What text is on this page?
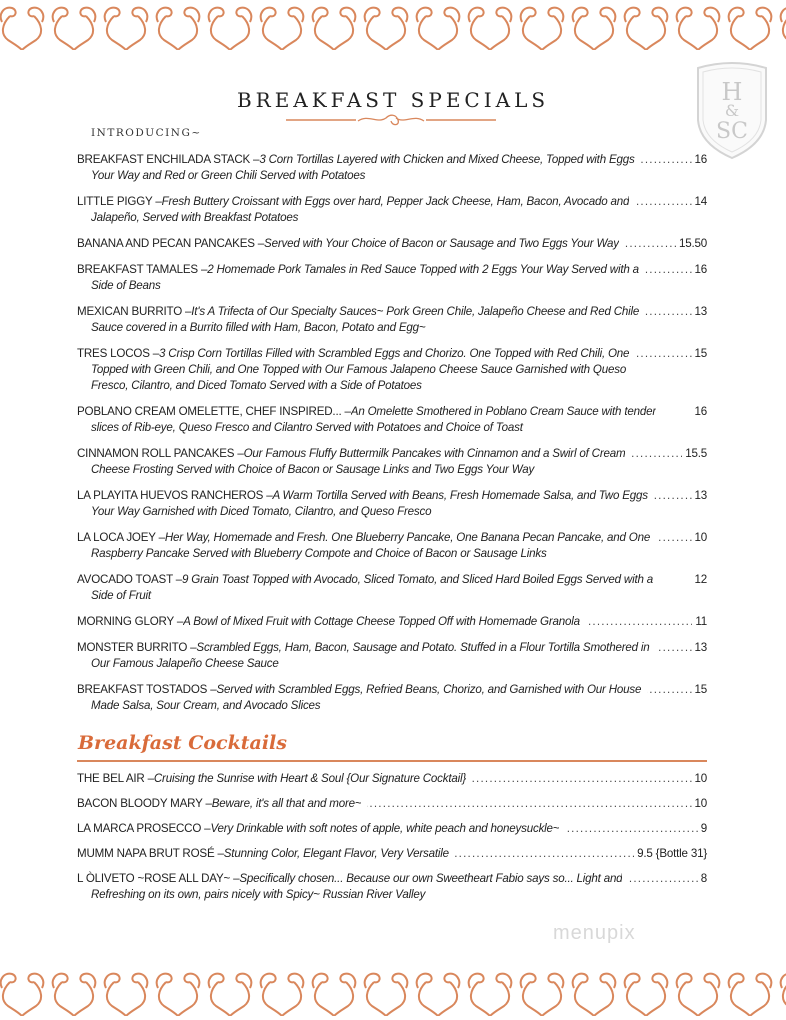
BREAKFAST SPECIALS
INTRODUCING~
H
&
SC
BREAKFAST ENCHILADA STACK – 3 Corn Tortillas Layered with Chicken and Mixed Cheese, Topped with Eggs . . .	16
Your Way and Red or Green Chili Served with Potatoes
LITTLE PIGGY – Fresh Buttery Croissant with Eggs over hard, Pepper Jack Cheese, Ham, Bacon, Avocado and . . .	14
Jalapeño, Served with Breakfast Potatoes
BANANA AND PECAN PANCAKES – Served with Your Choice of Bacon or Sausage and Two Eggs Your Way . . .	15.50
BREAKFAST TAMALES – 2 Homemade Pork Tamales in Red Sauce Topped with 2 Eggs Your Way Served with a . . .	16
Side of Beans
MEXICAN BURRITO – It's A Trifecta of Our Specialty Sauces~ Pork Green Chile, Jalapeño Cheese and Red Chile . . .	13
Sauce covered in a Burrito filled with Ham, Bacon, Potato and Egg~
TRES LOCOS – 3 Crisp Corn Tortillas Filled with Scrambled Eggs and Chorizo. One Topped with Red Chili, One . . .	15
Topped with Green Chili, and One Topped with Our Famous Jalapeno Cheese Sauce Garnished with Queso
Fresco, Cilantro, and Diced Tomato Served with a Side of Potatoes
POBLANO CREAM OMELETTE, CHEF INSPIRED... – An Omelette Smothered in Poblano Cream Sauce with tender	16
slices of Rib-eye, Queso Fresco and Cilantro Served with Potatoes and Choice of Toast
CINNAMON ROLL PANCAKES – Our Famous Fluffy Buttermilk Pancakes with Cinnamon and a Swirl of Cream . . .	15.5
Cheese Frosting Served with Choice of Bacon or Sausage Links and Two Eggs Your Way
LA PLAYITA HUEVOS RANCHEROS – A Warm Tortilla Served with Beans, Fresh Homemade Salsa, and Two Eggs . . .	13
Your Way Garnished with Diced Tomato, Cilantro, and Queso Fresco
LA LOCA JOEY – Her Way, Homemade and Fresh. One Blueberry Pancake, One Banana Pecan Pancake, and One . . .	10
Raspberry Pancake Served with Blueberry Compote and Choice of Bacon or Sausage Links
AVOCADO TOAST – 9 Grain Toast Topped with Avocado, Sliced Tomato, and Sliced Hard Boiled Eggs Served with a	12
Side of Fruit
MORNING GLORY – A Bowl of Mixed Fruit with Cottage Cheese Topped Off with Homemade Granola . . .	11
MONSTER BURRITO – Scrambled Eggs, Ham, Bacon, Sausage and Potato. Stuffed in a Flour Tortilla Smothered in . . .	13
Our Famous Jalapeño Cheese Sauce
BREAKFAST TOSTADOS – Served with Scrambled Eggs, Refried Beans, Chorizo, and Garnished with Our House . . .	15
Made Salsa, Sour Cream, and Avocado Slices
Breakfast Cocktails
THE BEL AIR – Cruising the Sunrise with Heart & Soul {Our Signature Cocktail} . . .	10
BACON BLOODY MARY – Beware, it's all that and more~ . . .	10
LA MARCA PROSECCO – Very Drinkable with soft notes of apple, white peach and honeysuckle~ . . .	9
MUMM NAPA BRUT ROSÉ – Stunning Color, Elegant Flavor, Very Versatile . . .	9.5 {Bottle 31}
L ÒLIVETO ~ROSE ALL DAY~ – Specifically chosen... Because our own Sweetheart Fabio says so... Light and . . .	8
Refreshing on its own, pairs nicely with Spicy~ Russian River Valley
menupix
